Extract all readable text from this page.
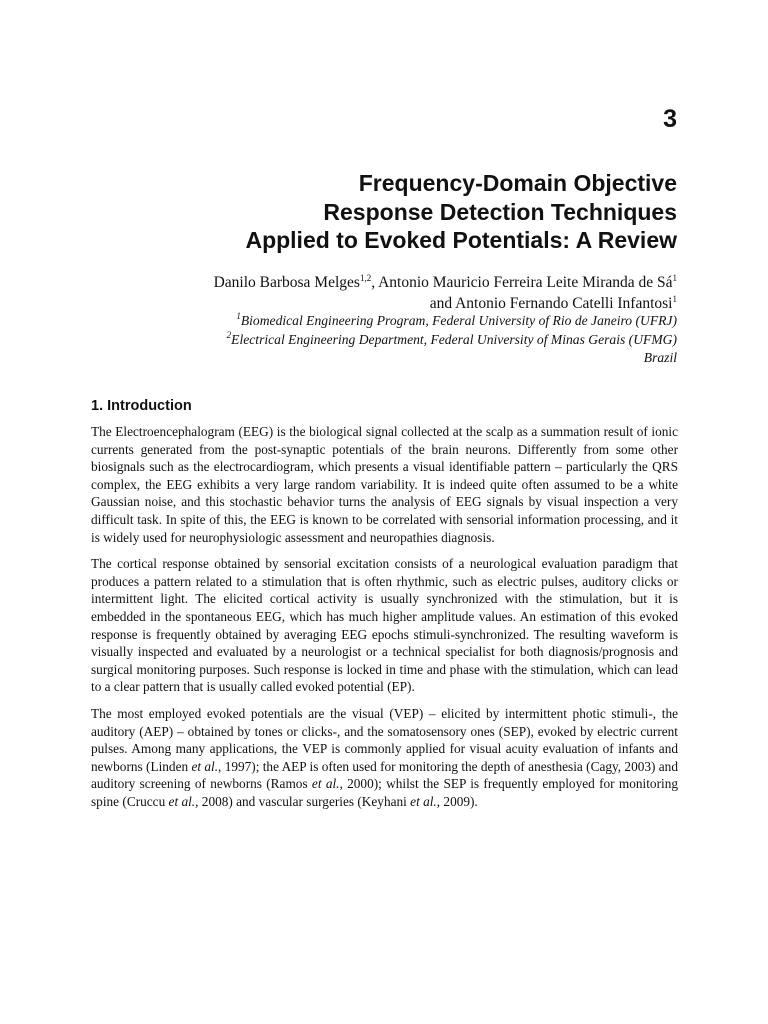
3
Frequency-Domain Objective
Response Detection Techniques
Applied to Evoked Potentials: A Review
Danilo Barbosa Melges$^{1,2}$, Antonio Mauricio Ferreira Leite Miranda de $Sá^1$
and Antonio Fernando Catelli Infantosi$^1$
$^1$Biomedical Engineering Program, Federal University of Rio de Janeiro (UFRJ)
$^2$Electrical Engineering Department, Federal University of Minas Gerais (UFMG)
Brazil
1. Introduction

The Electroencephalogram (EEG) is the biological signal collected at the scalp as a summation result of ionic currents generated from the post-synaptic potentials of the brain neurons. Differently from some other biosignals such as the electrocardiogram, which presents a visual identifiable pattern – particularly the QRS complex, the EEG exhibits a very large random variability. It is indeed quite often assumed to be a white Gaussian noise, and this stochastic behavior turns the analysis of EEG signals by visual inspection a very difficult task. In spite of this, the EEG is known to be correlated with sensorial information processing, and it is widely used for neurophysiologic assessment and neuropathies diagnosis.

The cortical response obtained by sensorial excitation consists of a neurological evaluation paradigm that produces a pattern related to a stimulation that is often rhythmic, such as electric pulses, auditory clicks or intermittent light. The elicited cortical activity is usually synchronized with the stimulation, but it is embedded in the spontaneous EEG, which has much higher amplitude values. An estimation of this evoked response is frequently obtained by averaging EEG epochs stimuli-synchronized. The resulting waveform is visually inspected and evaluated by a neurologist or a technical specialist for both diagnosis/prognosis and surgical monitoring purposes. Such response is locked in time and phase with the stimulation, which can lead to a clear pattern that is usually called evoked potential (EP).

The most employed evoked potentials are the visual (VEP) – elicited by intermittent photic stimuli-, the auditory (AEP) – obtained by tones or clicks-, and the somatosensory ones (SEP), evoked by electric current pulses. Among many applications, the VEP is commonly applied for visual acuity evaluation of infants and newborns (Linden et al., 1997); the AEP is often used for monitoring the depth of anesthesia (Cagy, 2003) and auditory screening of newborns (Ramos et al., 2000); whilst the SEP is frequently employed for monitoring spine (Cruccu et al., 2008) and vascular surgeries (Keyhani et al., 2009).
